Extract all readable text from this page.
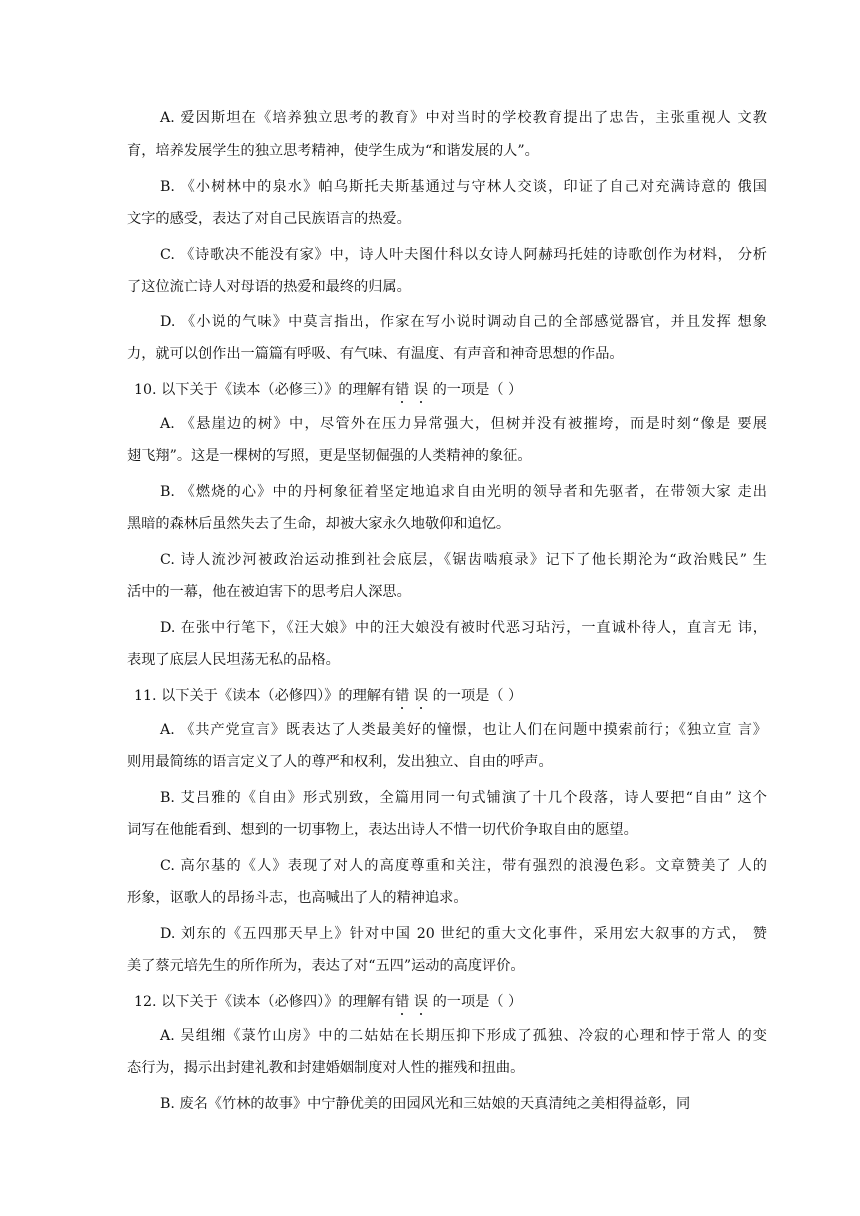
A. 爱因斯坦在《培养独立思考的教育》中对当时的学校教育提出了忠告，主张重视人 文教
育，培养发展学生的独立思考精神，使学生成为“和谐发展的人”。
B. 《小树林中的泉水》帕乌斯托夫斯基通过与守林人交谈，印证了自己对充满诗意的 俄国
文字的感受，表达了对自己民族语言的热爱。
C. 《诗歌决不能没有家》中，诗人叶夫图什科以女诗人阿赫玛托娃的诗歌创作为材料， 分析
了这位流亡诗人对母语的热爱和最终的归属。
D. 《小说的气味》中莫言指出，作家在写小说时调动自己的全部感觉器官，并且发挥 想象
力，就可以创作出一篇篇有呼吸、有气味、有温度、有声音和神奇思想的作品。
10. 以下关于《读本（必修三）》的理解有错 误 的一项是（ ）
A. 《悬崖边的树》中，尽管外在压力异常强大，但树并没有被摧垮，而是时刻“像是 要展
翅飞翔”。这是一棵树的写照，更是坚韧倔强的人类精神的象征。
B. 《燃烧的心》中的丹柯象征着坚定地追求自由光明的领导者和先驱者，在带领大家 走出
黑暗的森林后虽然失去了生命，却被大家永久地敬仰和追忆。
C. 诗人流沙河被政治运动推到社会底层，《锯齿啮痕录》记下了他长期沦为“政治贱民” 生
活中的一幕，他在被迫害下的思考启人深思。
D. 在张中行笔下，《汪大娘》中的汪大娘没有被时代恶习玷污，一直诚朴待人，直言无 讳，
表现了底层人民坦荡无私的品格。
11. 以下关于《读本（必修四）》的理解有错 误 的一项是（ ）
A. 《共产党宣言》既表达了人类最美好的憧憬，也让人们在问题中摸索前行；《独立宣 言》
则用最简练的语言定义了人的尊严和权利，发出独立、自由的呼声。
B. 艾吕雅的《自由》形式别致，全篇用同一句式铺演了十几个段落，诗人要把“自由” 这个
词写在他能看到、想到的一切事物上，表达出诗人不惜一切代价争取自由的愿望。
C. 高尔基的《人》表现了对人的高度尊重和关注，带有强烈的浪漫色彩。文章赞美了 人的
形象，讴歌人的昂扬斗志，也高喊出了人的精神追求。
D. 刘东的《五四那天早上》针对中国 20 世纪的重大文化事件，采用宏大叙事的方式， 赞
美了蔡元培先生的所作所为，表达了对“五四”运动的高度评价。
12. 以下关于《读本（必修四）》的理解有错 误 的一项是（ ）
A. 吴组缃《菉竹山房》中的二姑姑在长期压抑下形成了孤独、冷寂的心理和悖于常人 的变
态行为，揭示出封建礼教和封建婚姻制度对人性的摧残和扭曲。
B. 废名《竹林的故事》中宁静优美的田园风光和三姑娘的天真清纯之美相得益彰，同
